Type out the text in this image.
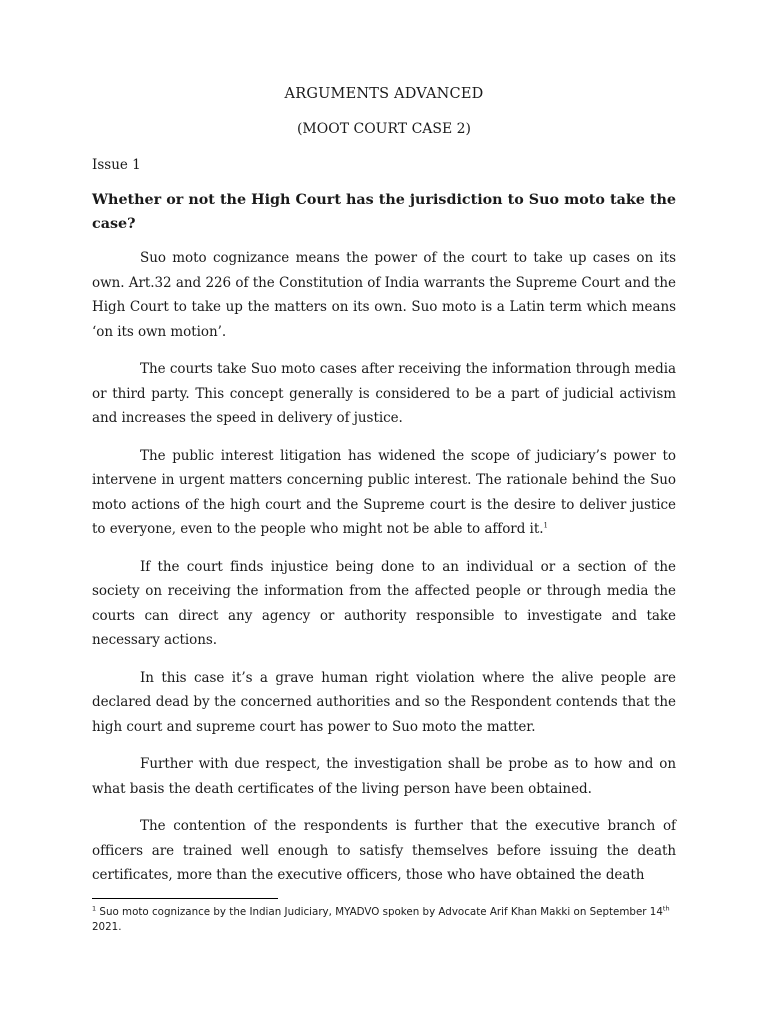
ARGUMENTS ADVANCED
(MOOT COURT CASE 2)
Issue 1
Whether or not the High Court has the jurisdiction to Suo moto take the case?

Suo moto cognizance means the power of the court to take up cases on its own. Art.32 and 226 of the Constitution of India warrants the Supreme Court and the High Court to take up the matters on its own. Suo moto is a Latin term which means ‘on its own motion’.

The courts take Suo moto cases after receiving the information through media or third party. This concept generally is considered to be a part of judicial activism and increases the speed in delivery of justice.

The public interest litigation has widened the scope of judiciary’s power to intervene in urgent matters concerning public interest. The rationale behind the Suo moto actions of the high court and the Supreme court is the desire to deliver justice to everyone, even to the people who might not be able to afford it.$^1$

If the court finds injustice being done to an individual or a section of the society on receiving the information from the affected people or through media the courts can direct any agency or authority responsible to investigate and take necessary actions.

In this case it’s a grave human right violation where the alive people are declared dead by the concerned authorities and so the Respondent contends that the high court and supreme court has power to Suo moto the matter.

Further with due respect, the investigation shall be probe as to how and on what basis the death certificates of the living person have been obtained.

The contention of the respondents is further that the executive branch of officers are trained well enough to satisfy themselves before issuing the death certificates, more than the executive officers, those who have obtained the death

$^1$ Suo moto cognizance by the Indian Judiciary, MYADVO spoken by Advocate Arif Khan Makki on September 14th 2021.
